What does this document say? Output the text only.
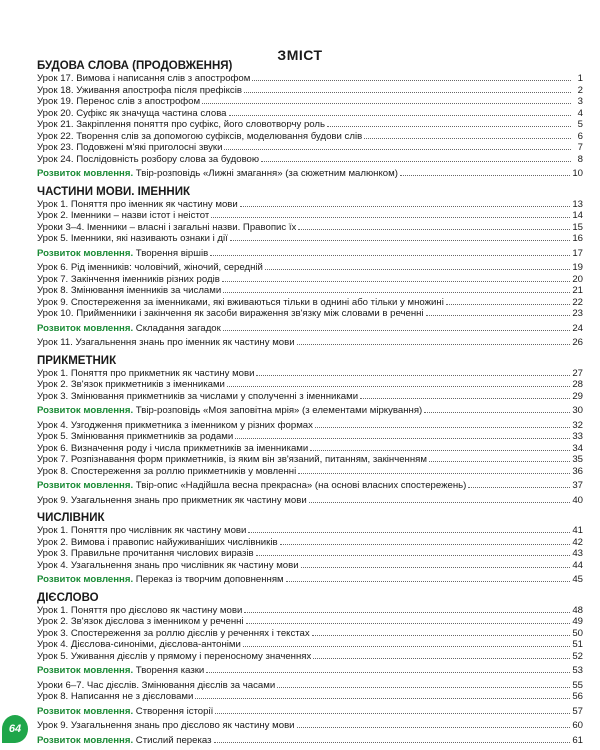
ЗМІСТ
БУДОВА СЛОВА (ПРОДОВЖЕННЯ)
Урок 17. Вимова і написання слів з апострофом	1
Урок 18. Уживання апострофа після префіксів	2
Урок 19. Перенос слів з апострофом	3
Урок 20. Суфікс як значуща частина слова	4
Урок 21. Закріплення поняття про суфікс, його словотворчу роль	5
Урок 22. Творення слів за допомогою суфіксів, моделювання будови слів	6
Урок 23. Подовжені м'які приголосні звуки	7
Урок 24. Послідовність розбору слова за будовою	8
Розвиток мовлення. Твір-розповідь «Лижні змагання» (за сюжетним малюнком)	10
ЧАСТИНИ МОВИ. ІМЕННИК
Урок 1. Поняття про іменник як частину мови	13
Урок 2. Іменники – назви істот і неістот	14
Уроки 3–4. Іменники – власні і загальні назви. Правопис їх	15
Урок 5. Іменники, які називають ознаки і дії	16
Розвиток мовлення. Творення віршів	17
Урок 6. Рід іменників: чоловічий, жіночий, середній	19
Урок 7. Закінчення іменників різних родів	20
Урок 8. Змінювання іменників за числами	21
Урок 9. Спостереження за іменниками, які вживаються тільки в однині або тільки у множині	22
Урок 10. Прийменники і закінчення як засоби вираження зв'язку між словами в реченні	23
Розвиток мовлення. Складання загадок	24
Урок 11. Узагальнення знань про іменник як частину мови	26
ПРИКМЕТНИК
Урок 1. Поняття про прикметник як частину мови	27
Урок 2. Зв'язок прикметників з іменниками	28
Урок 3. Змінювання прикметників за числами у сполученні з іменниками	29
Розвиток мовлення. Твір-розповідь «Моя заповітна мрія» (з елементами міркування)	30
Урок 4. Узгодження прикметника з іменником у різних формах	32
Урок 5. Змінювання прикметників за родами	33
Урок 6. Визначення роду і числа прикметників за іменниками	34
Урок 7. Розпізнавання форм прикметників, із яким він зв'язаний, питанням, закінченням	35
Урок 8. Спостереження за роллю прикметників у мовленні	36
Розвиток мовлення. Твір-опис «Надійшла весна прекрасна» (на основі власних спостережень)	37
Урок 9. Узагальнення знань про прикметник як частину мови	40
ЧИСЛІВНИК
Урок 1. Поняття про числівник як частину мови	41
Урок 2. Вимова і правопис найуживаніших числівників	42
Урок 3. Правильне прочитання числових виразів	43
Урок 4. Узагальнення знань про числівник як частину мови	44
Розвиток мовлення. Переказ із творчим доповненням	45
ДІЄСЛОВО
Урок 1. Поняття про дієслово як частину мови	48
Урок 2. Зв'язок дієслова з іменником у реченні	49
Урок 3. Спостереження за роллю дієслів у реченнях і текстах	50
Урок 4. Дієслова-синоніми, дієслова-антоніми	51
Урок 5. Уживання дієслів у прямому і переносному значеннях	52
Розвиток мовлення. Творення казки	53
Уроки 6–7. Час дієслів. Змінювання дієслів за часами	55
Урок 8. Написання не з дієсловами	56
Розвиток мовлення. Створення історії	57
Урок 9. Узагальнення знань про дієслово як частину мови	60
Розвиток мовлення. Стислий переказ	61
64
